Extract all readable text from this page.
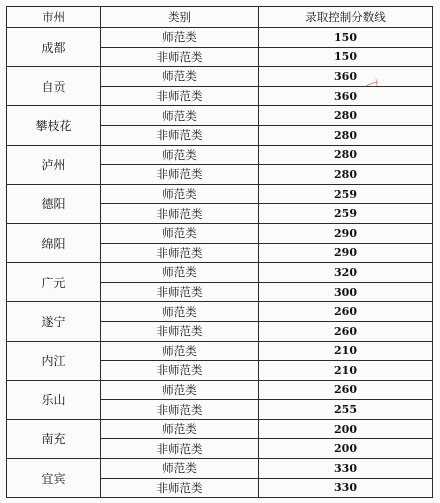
市州	类别	录取控制分数线
成都	师范类	150
	非师范类	150
自贡	师范类	360
	非师范类	360
攀枝花	师范类	280
	非师范类	280
泸州	师范类	280
	非师范类	280
德阳	师范类	259
	非师范类	259
绵阳	师范类	290
	非师范类	290
广元	师范类	320
	非师范类	300
遂宁	师范类	260
	非师范类	260
内江	师范类	210
	非师范类	210
乐山	师范类	260
	非师范类	255
南充	师范类	200
	非师范类	200
宜宾	师范类	330
	非师范类	330
